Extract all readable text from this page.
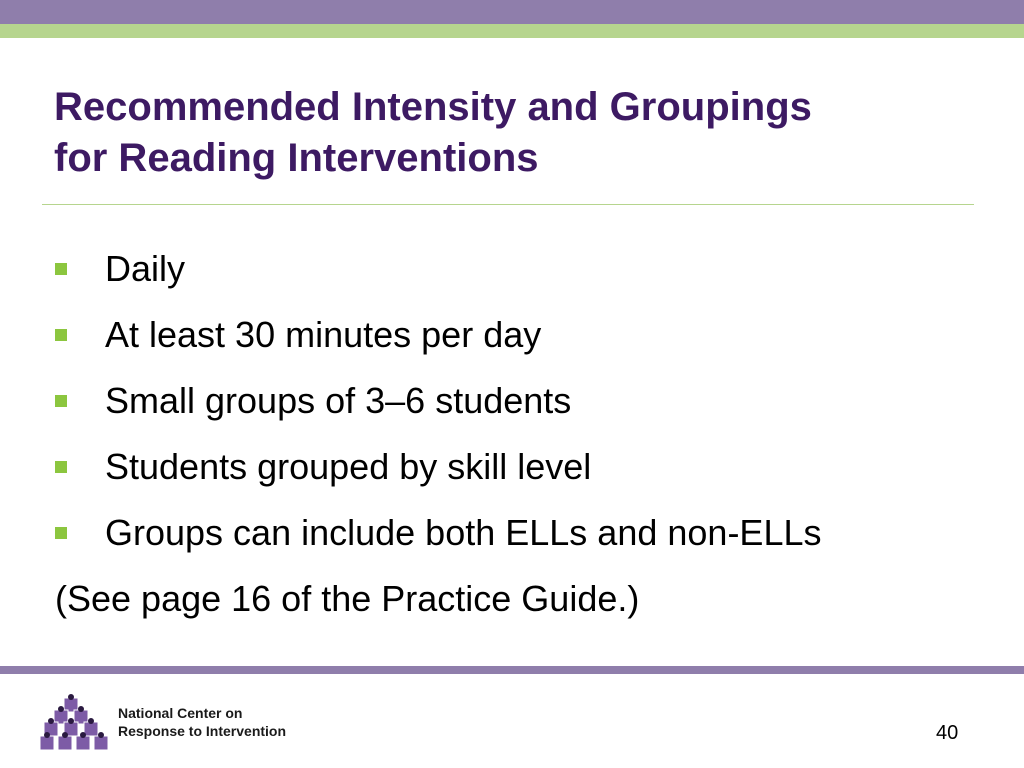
Recommended Intensity and Groupings
for Reading Interventions
Daily
At least 30 minutes per day
Small groups of 3–6 students
Students grouped by skill level
Groups can include both ELLs and non-ELLs
(See page 16 of the Practice Guide.)
National Center on
Response to Intervention	40
